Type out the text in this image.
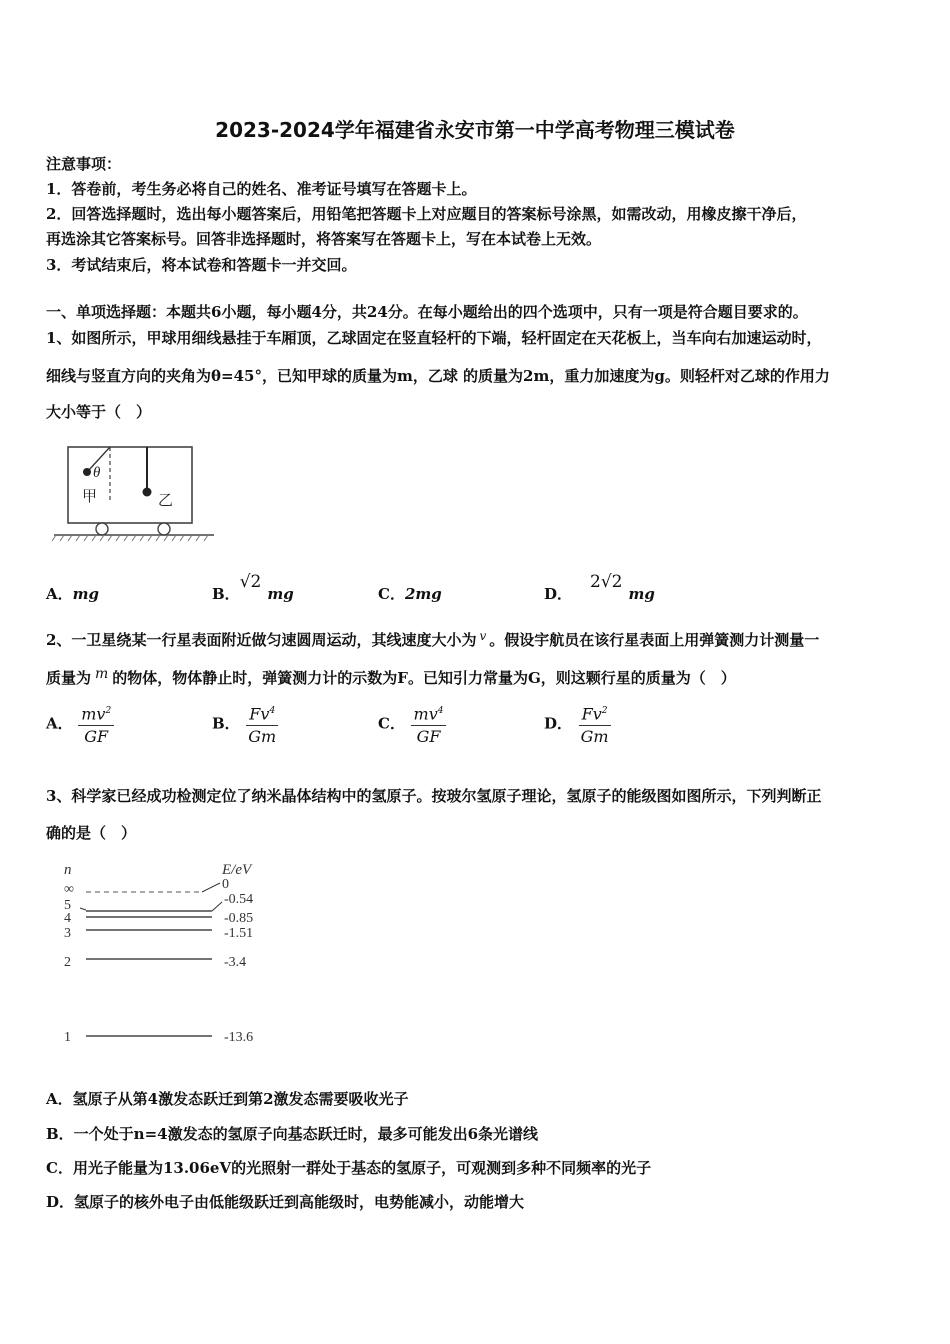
2023-2024学年福建省永安市第一中学高考物理三模试卷
注意事项：
1．答卷前，考生务必将自己的姓名、准考证号填写在答题卡上。
2．回答选择题时，选出每小题答案后，用铅笔把答题卡上对应题目的答案标号涂黑，如需改动，用橡皮擦干净后，
再选涂其它答案标号。回答非选择题时，将答案写在答题卡上，写在本试卷上无效。
3．考试结束后，将本试卷和答题卡一并交回。
一、单项选择题：本题共6小题，每小题4分，共24分。在每小题给出的四个选项中，只有一项是符合题目要求的。
1、如图所示，甲球用细线悬挂于车厢顶，乙球固定在竖直轻杆的下端，轻杆固定在天花板上，当车向右加速运动时，
细线与竖直方向的夹角为θ=45°，已知甲球的质量为m，乙球 的质量为2m，重力加速度为g。则轻杆对乙球的作用力
大小等于（　）
θ
甲	乙
A．mg	B．√2mg	C．2mg	D．2√2mg
2、一卫星绕某一行星表面附近做匀速圆周运动，其线速度大小为 $^v$ 。假设宇航员在该行星表面上用弹簧测力计测量一
质量为 m 的物体，物体静止时，弹簧测力计的示数为F。已知引力常量为G，则这颗行星的质量为（　）
A． $\frac{mv^2}{GF}$	B． $\frac{Fv^4}{Gm}$	C． $\frac{mv^4}{GF}$	D． $\frac{Fv^2}{Gm}$
3、科学家已经成功检测定位了纳米晶体结构中的氢原子。按玻尔氢原子理论，氢原子的能级图如图所示，下列判断正
确的是（　）
n	E/eV
∞	0
5	-0.54
4	-0.85
3	-1.51
2	-3.4
1	-13.6
A．氢原子从第4激发态跃迁到第2激发态需要吸收光子
B．一个处于n=4激发态的氢原子向基态跃迁时，最多可能发出6条光谱线
C．用光子能量为13.06eV的光照射一群处于基态的氢原子，可观测到多种不同频率的光子
D．氢原子的核外电子由低能级跃迁到高能级时，电势能减小，动能增大
